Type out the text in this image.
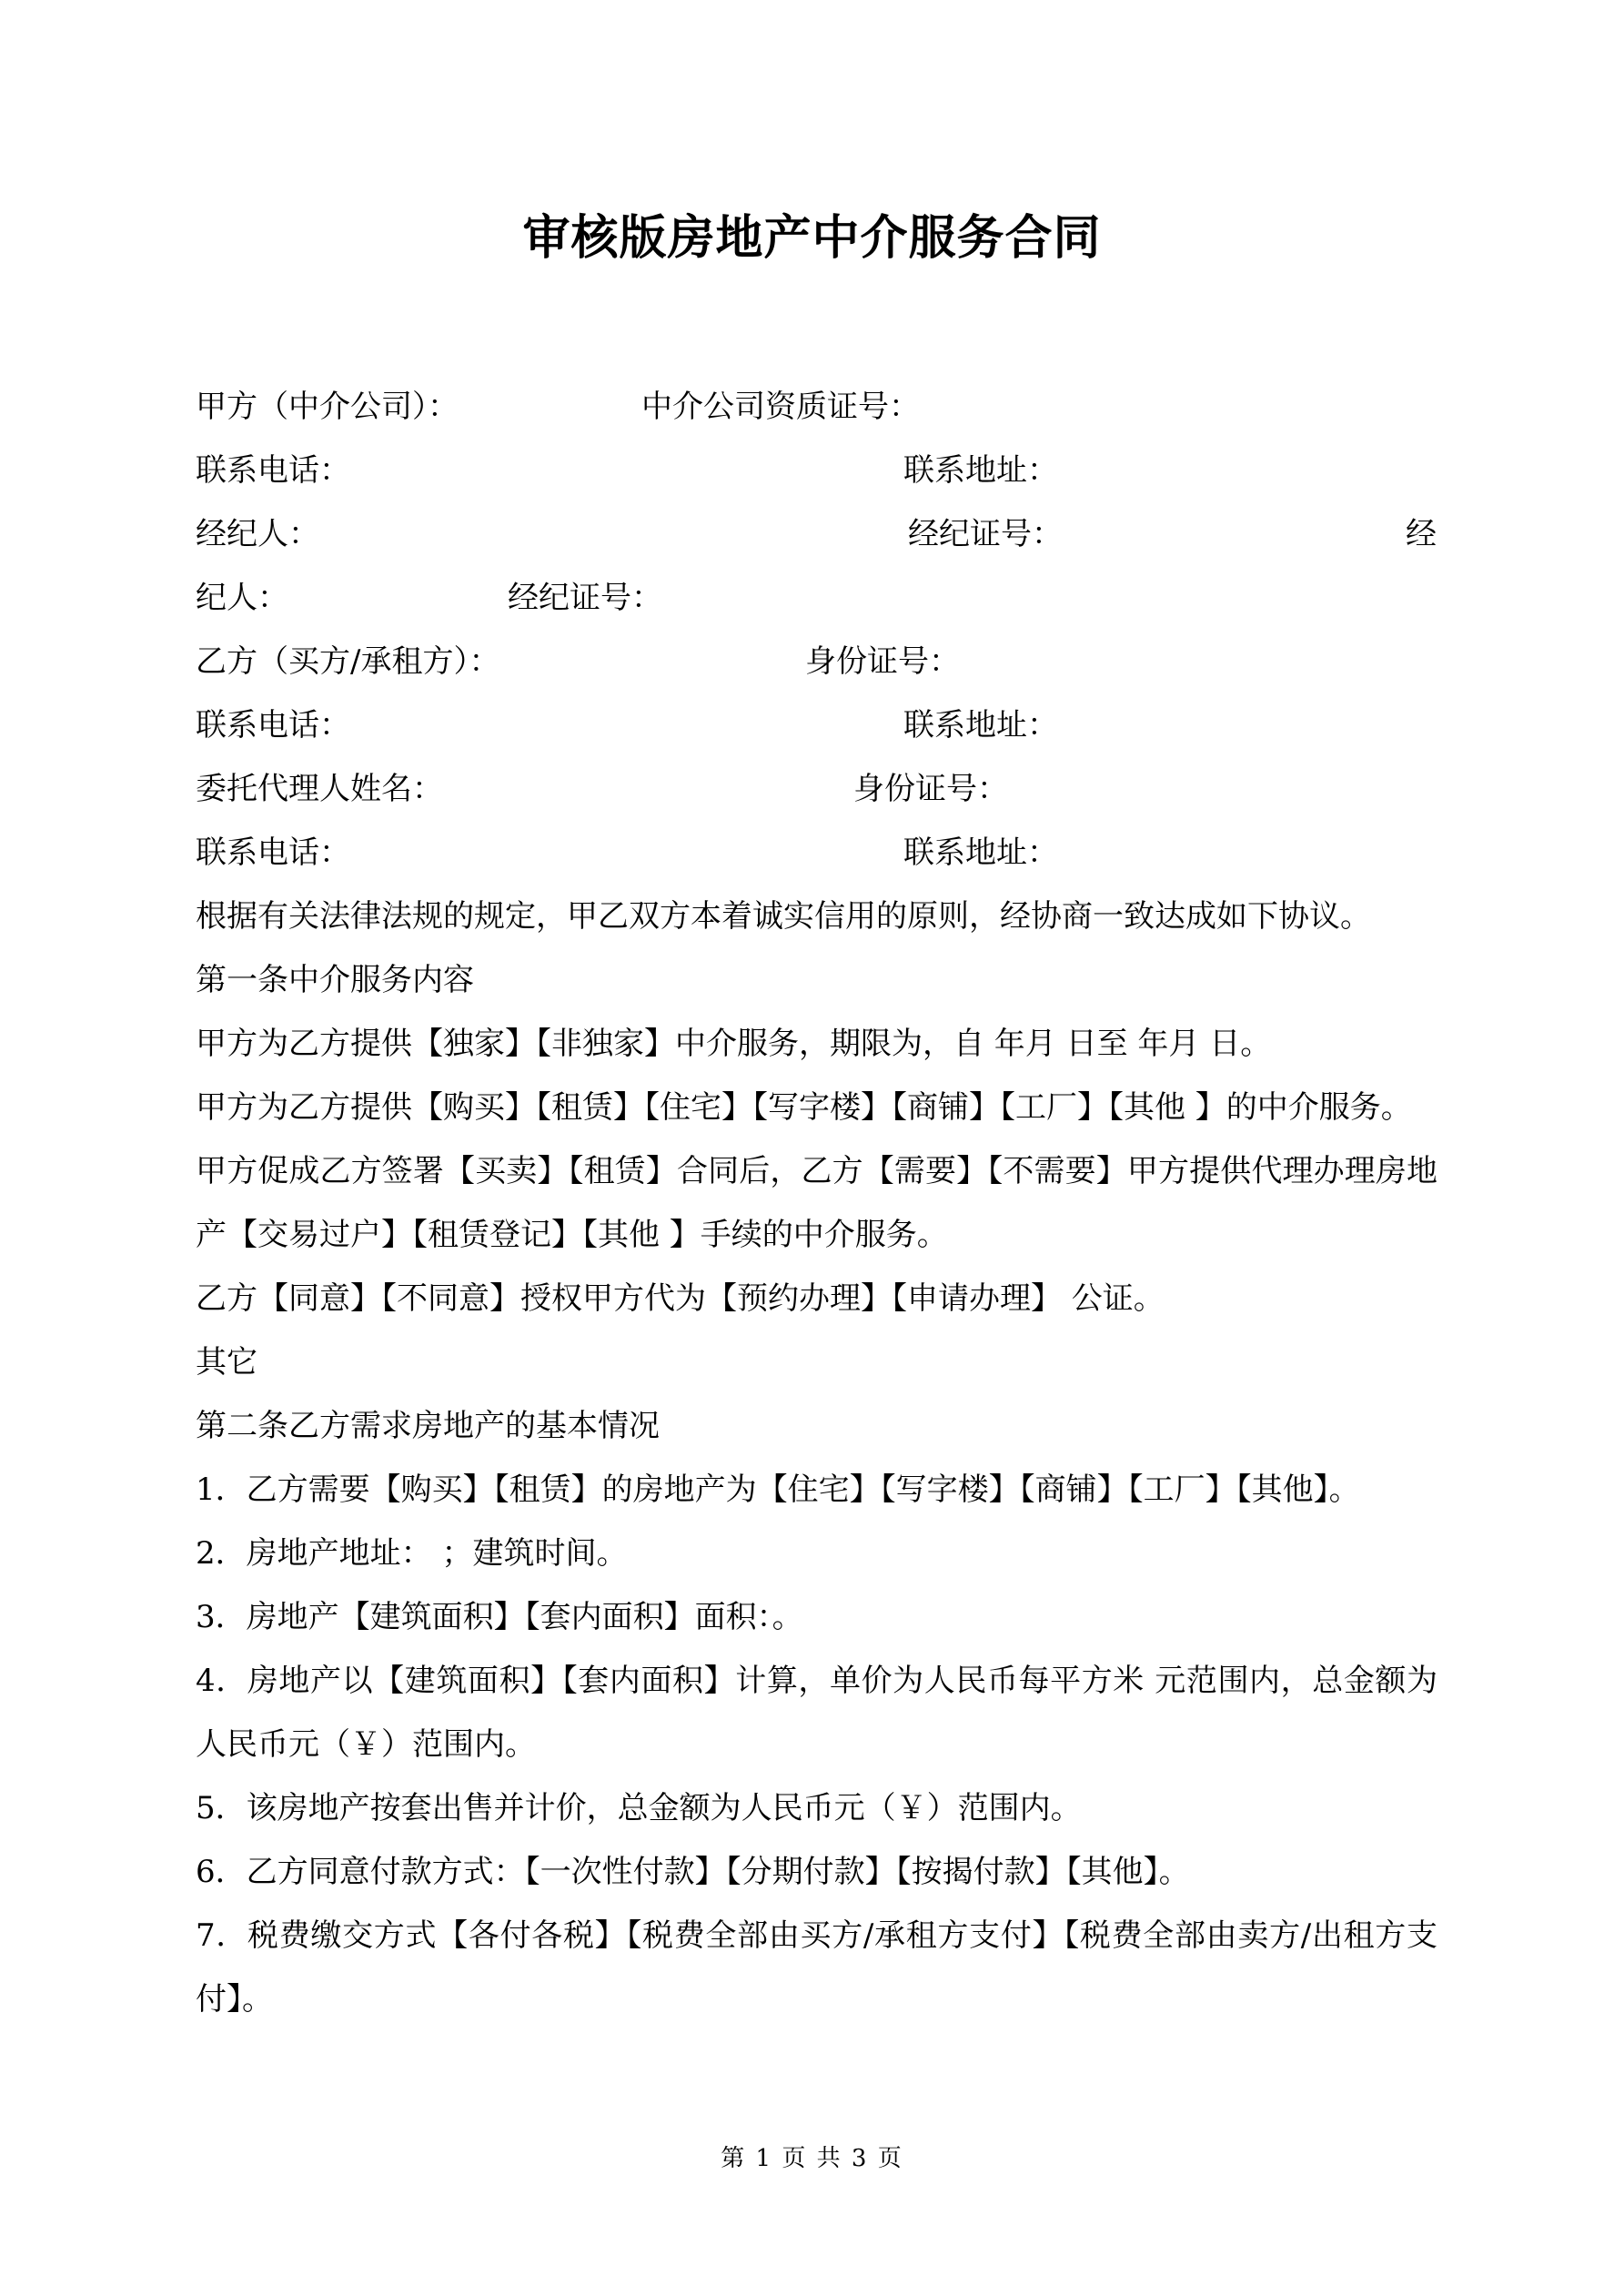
审核版房地产中介服务合同
甲方（中介公司）：	中介公司资质证号：
联系电话：	联系地址：
经纪人：	经纪证号：	经
纪人：	经纪证号：
乙方（买方/承租方）：	身份证号：
联系电话：	联系地址：
委托代理人姓名：	身份证号：
联系电话：	联系地址：
根据有关法律法规的规定，甲乙双方本着诚实信用的原则，经协商一致达成如下协议。
第一条中介服务内容
甲方为乙方提供【独家】【非独家】中介服务，期限为，自 年月 日至 年月 日。
甲方为乙方提供【购买】【租赁】【住宅】【写字楼】【商铺】【工厂】【其他 】的中介服务。
甲方促成乙方签署【买卖】【租赁】合同后，乙方【需要】【不需要】甲方提供代理办理房地产【交易过户】【租赁登记】【其他 】手续的中介服务。
乙方【同意】【不同意】授权甲方代为【预约办理】【申请办理】 公证。
其它
第二条乙方需求房地产的基本情况
1．乙方需要【购买】【租赁】的房地产为【住宅】【写字楼】【商铺】【工厂】【其他】。
2．房地产地址： ；建筑时间。
3．房地产【建筑面积】【套内面积】面积：。
4．房地产以【建筑面积】【套内面积】计算，单价为人民币每平方米 元范围内，总金额为人民币元（￥）范围内。
5．该房地产按套出售并计价，总金额为人民币元（￥）范围内。
6．乙方同意付款方式：【一次性付款】【分期付款】【按揭付款】【其他】。
7．税费缴交方式【各付各税】【税费全部由买方/承租方支付】【税费全部由卖方/出租方支付】。
第 1 页 共 3 页
